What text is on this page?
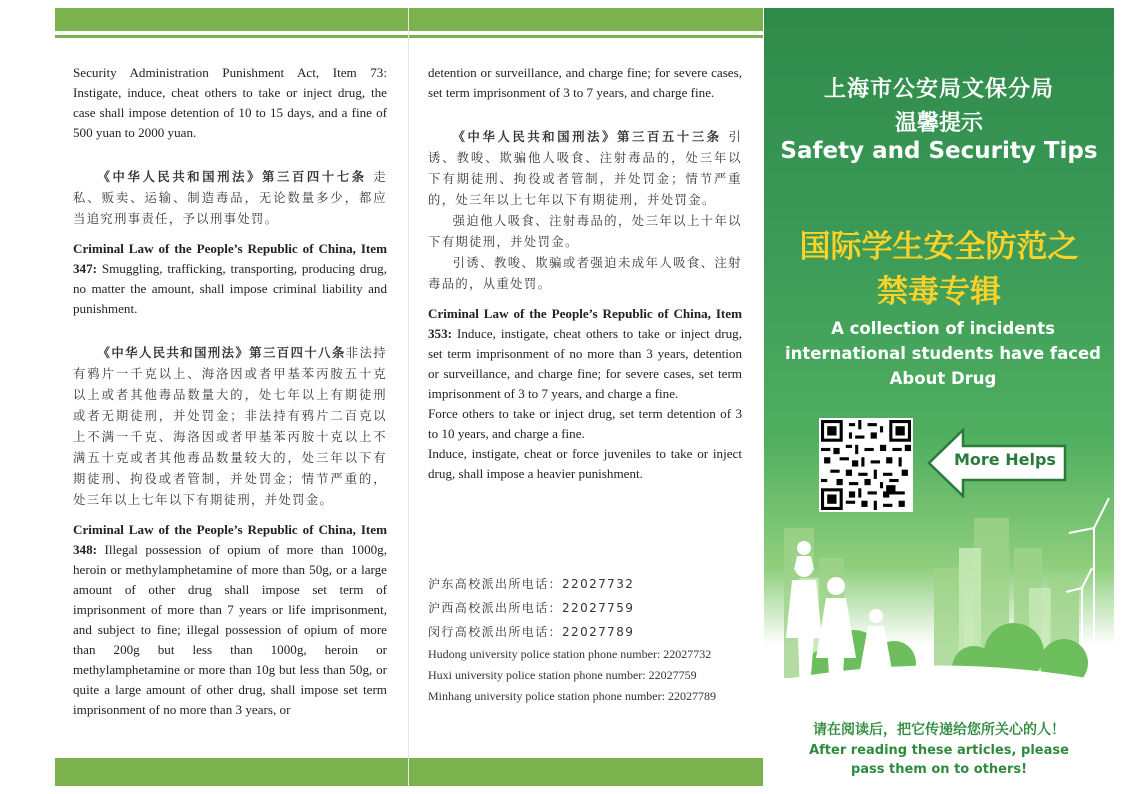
Security Administration Punishment Act, Item 73: Instigate, induce, cheat others to take or inject drug, the case shall impose detention of 10 to 15 days, and a fine of 500 yuan to 2000 yuan.

《中华人民共和国刑法》第三百四十七条 走私、贩卖、运输、制造毒品，无论数量多少，都应当追究刑事责任，予以刑事处罚。

Criminal Law of the People’s Republic of China, Item 347: Smuggling, trafficking, transporting, producing drug, no matter the amount, shall impose criminal liability and punishment.

《中华人民共和国刑法》第三百四十八条非法持有鸦片一千克以上、海洛因或者甲基苯丙胺五十克以上或者其他毒品数量大的，处七年以上有期徒刑或者无期徒刑，并处罚金；非法持有鸦片二百克以上不满一千克、海洛因或者甲基苯丙胺十克以上不满五十克或者其他毒品数量较大的，处三年以下有期徒刑、拘役或者管制，并处罚金；情节严重的，处三年以上七年以下有期徒刑，并处罚金。

Criminal Law of the People’s Republic of China, Item 348: Illegal possession of opium of more than 1000g, heroin or methylamphetamine of more than 50g, or a large amount of other drug shall impose set term of imprisonment of more than 7 years or life imprisonment, and subject to fine; illegal possession of opium of more than 200g but less than 1000g, heroin or methylamphetamine or more than 10g but less than 50g, or quite a large amount of other drug, shall impose set term imprisonment of no more than 3 years, or

detention or surveillance, and charge fine; for severe cases, set term imprisonment of 3 to 7 years, and charge fine.

《中华人民共和国刑法》第三百五十三条 引诱、教唆、欺骗他人吸食、注射毒品的，处三年以下有期徒刑、拘役或者管制，并处罚金；情节严重的，处三年以上七年以下有期徒刑，并处罚金。

强迫他人吸食、注射毒品的，处三年以上十年以下有期徒刑，并处罚金。

引诱、教唆、欺骗或者强迫未成年人吸食、注射毒品的，从重处罚。

Criminal Law of the People’s Republic of China, Item 353: Induce, instigate, cheat others to take or inject drug, set term imprisonment of no more than 3 years, detention or surveillance, and charge fine; for severe cases, set term imprisonment of 3 to 7 years, and charge a fine.

Force others to take or inject drug, set term detention of 3 to 10 years, and charge a fine.

Induce, instigate, cheat or force juveniles to take or inject drug, shall impose a heavier punishment.

沪东高校派出所电话：22027732
沪西高校派出所电话：22027759
闵行高校派出所电话：22027789
Hudong university police station phone number: 22027732
Huxi university police station phone number: 22027759
Minhang university police station phone number: 22027789
上海市公安局文保分局
温馨提示
Safety and Security Tips
国际学生安全防范之
禁毒专辑
A collection of incidents international students have faced About Drug
More Helps
请在阅读后，把它传递给您所关心的人！
After reading these articles, please pass them on to others!
